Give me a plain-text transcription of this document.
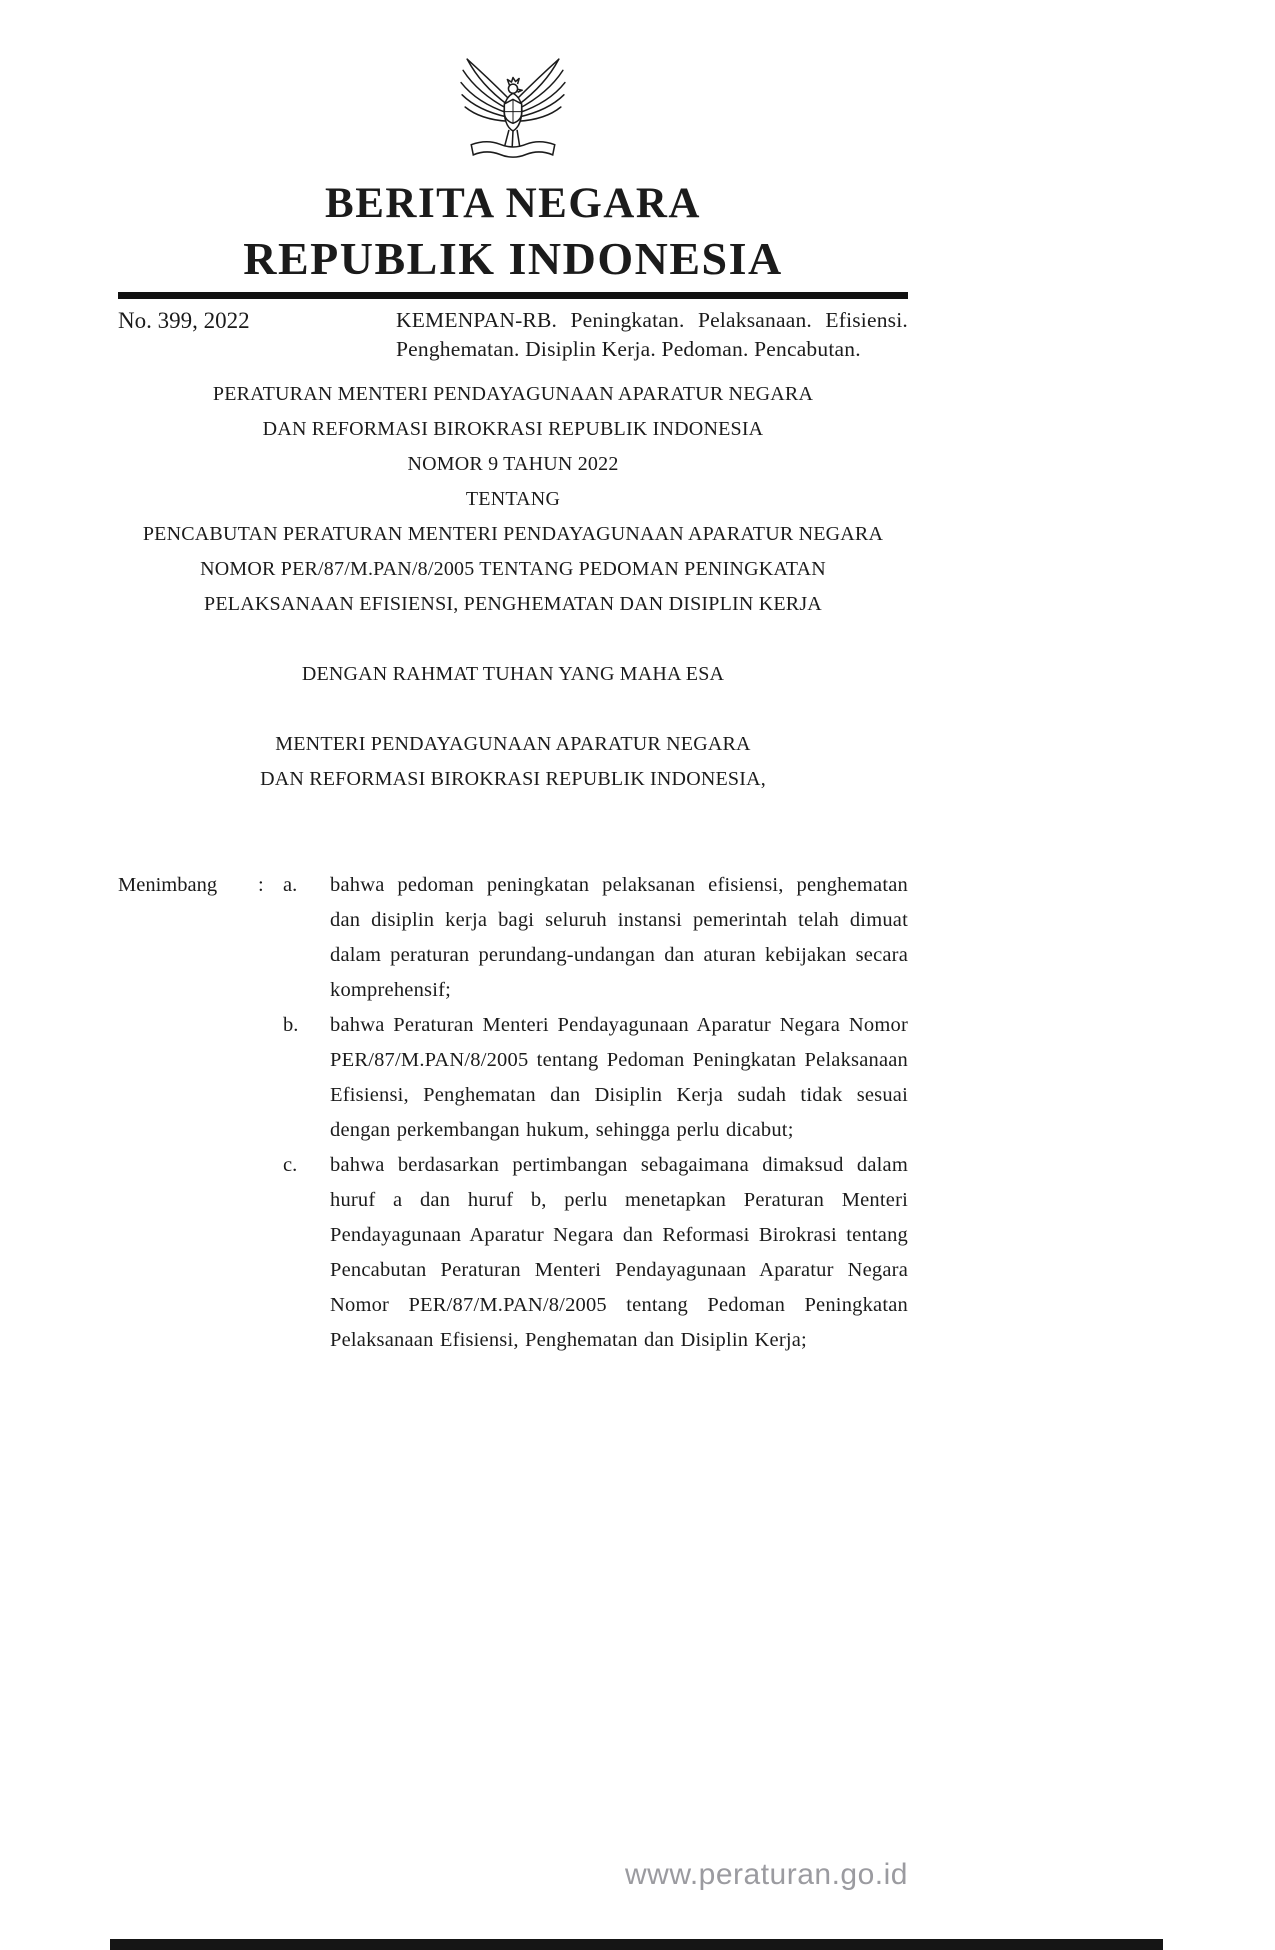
BERITA NEGARA
REPUBLIK INDONESIA
No. 399, 2022	KEMENPAN-RB. Peningkatan. Pelaksanaan. Efisiensi. Penghematan. Disiplin Kerja. Pedoman. Pencabutan.

PERATURAN MENTERI PENDAYAGUNAAN APARATUR NEGARA

DAN REFORMASI BIROKRASI REPUBLIK INDONESIA

NOMOR 9 TAHUN 2022

TENTANG

PENCABUTAN PERATURAN MENTERI PENDAYAGUNAAN APARATUR NEGARA

NOMOR PER/87/M.PAN/8/2005 TENTANG PEDOMAN PENINGKATAN

PELAKSANAAN EFISIENSI, PENGHEMATAN DAN DISIPLIN KERJA

DENGAN RAHMAT TUHAN YANG MAHA ESA

MENTERI PENDAYAGUNAAN APARATUR NEGARA

DAN REFORMASI BIROKRASI REPUBLIK INDONESIA,

Menimbang	: a.	bahwa pedoman peningkatan pelaksanan efisiensi, penghematan dan disiplin kerja bagi seluruh instansi pemerintah telah dimuat dalam peraturan perundang-undangan dan aturan kebijakan secara komprehensif;
b.	bahwa Peraturan Menteri Pendayagunaan Aparatur Negara Nomor PER/87/M.PAN/8/2005 tentang Pedoman Peningkatan Pelaksanaan Efisiensi, Penghematan dan Disiplin Kerja sudah tidak sesuai dengan perkembangan hukum, sehingga perlu dicabut;
c.	bahwa berdasarkan pertimbangan sebagaimana dimaksud dalam huruf a dan huruf b, perlu menetapkan Peraturan Menteri Pendayagunaan Aparatur Negara dan Reformasi Birokrasi tentang Pencabutan Peraturan Menteri Pendayagunaan Aparatur Negara Nomor PER/87/M.PAN/8/2005 tentang Pedoman Peningkatan Pelaksanaan Efisiensi, Penghematan dan Disiplin Kerja;
www.peraturan.go.id
